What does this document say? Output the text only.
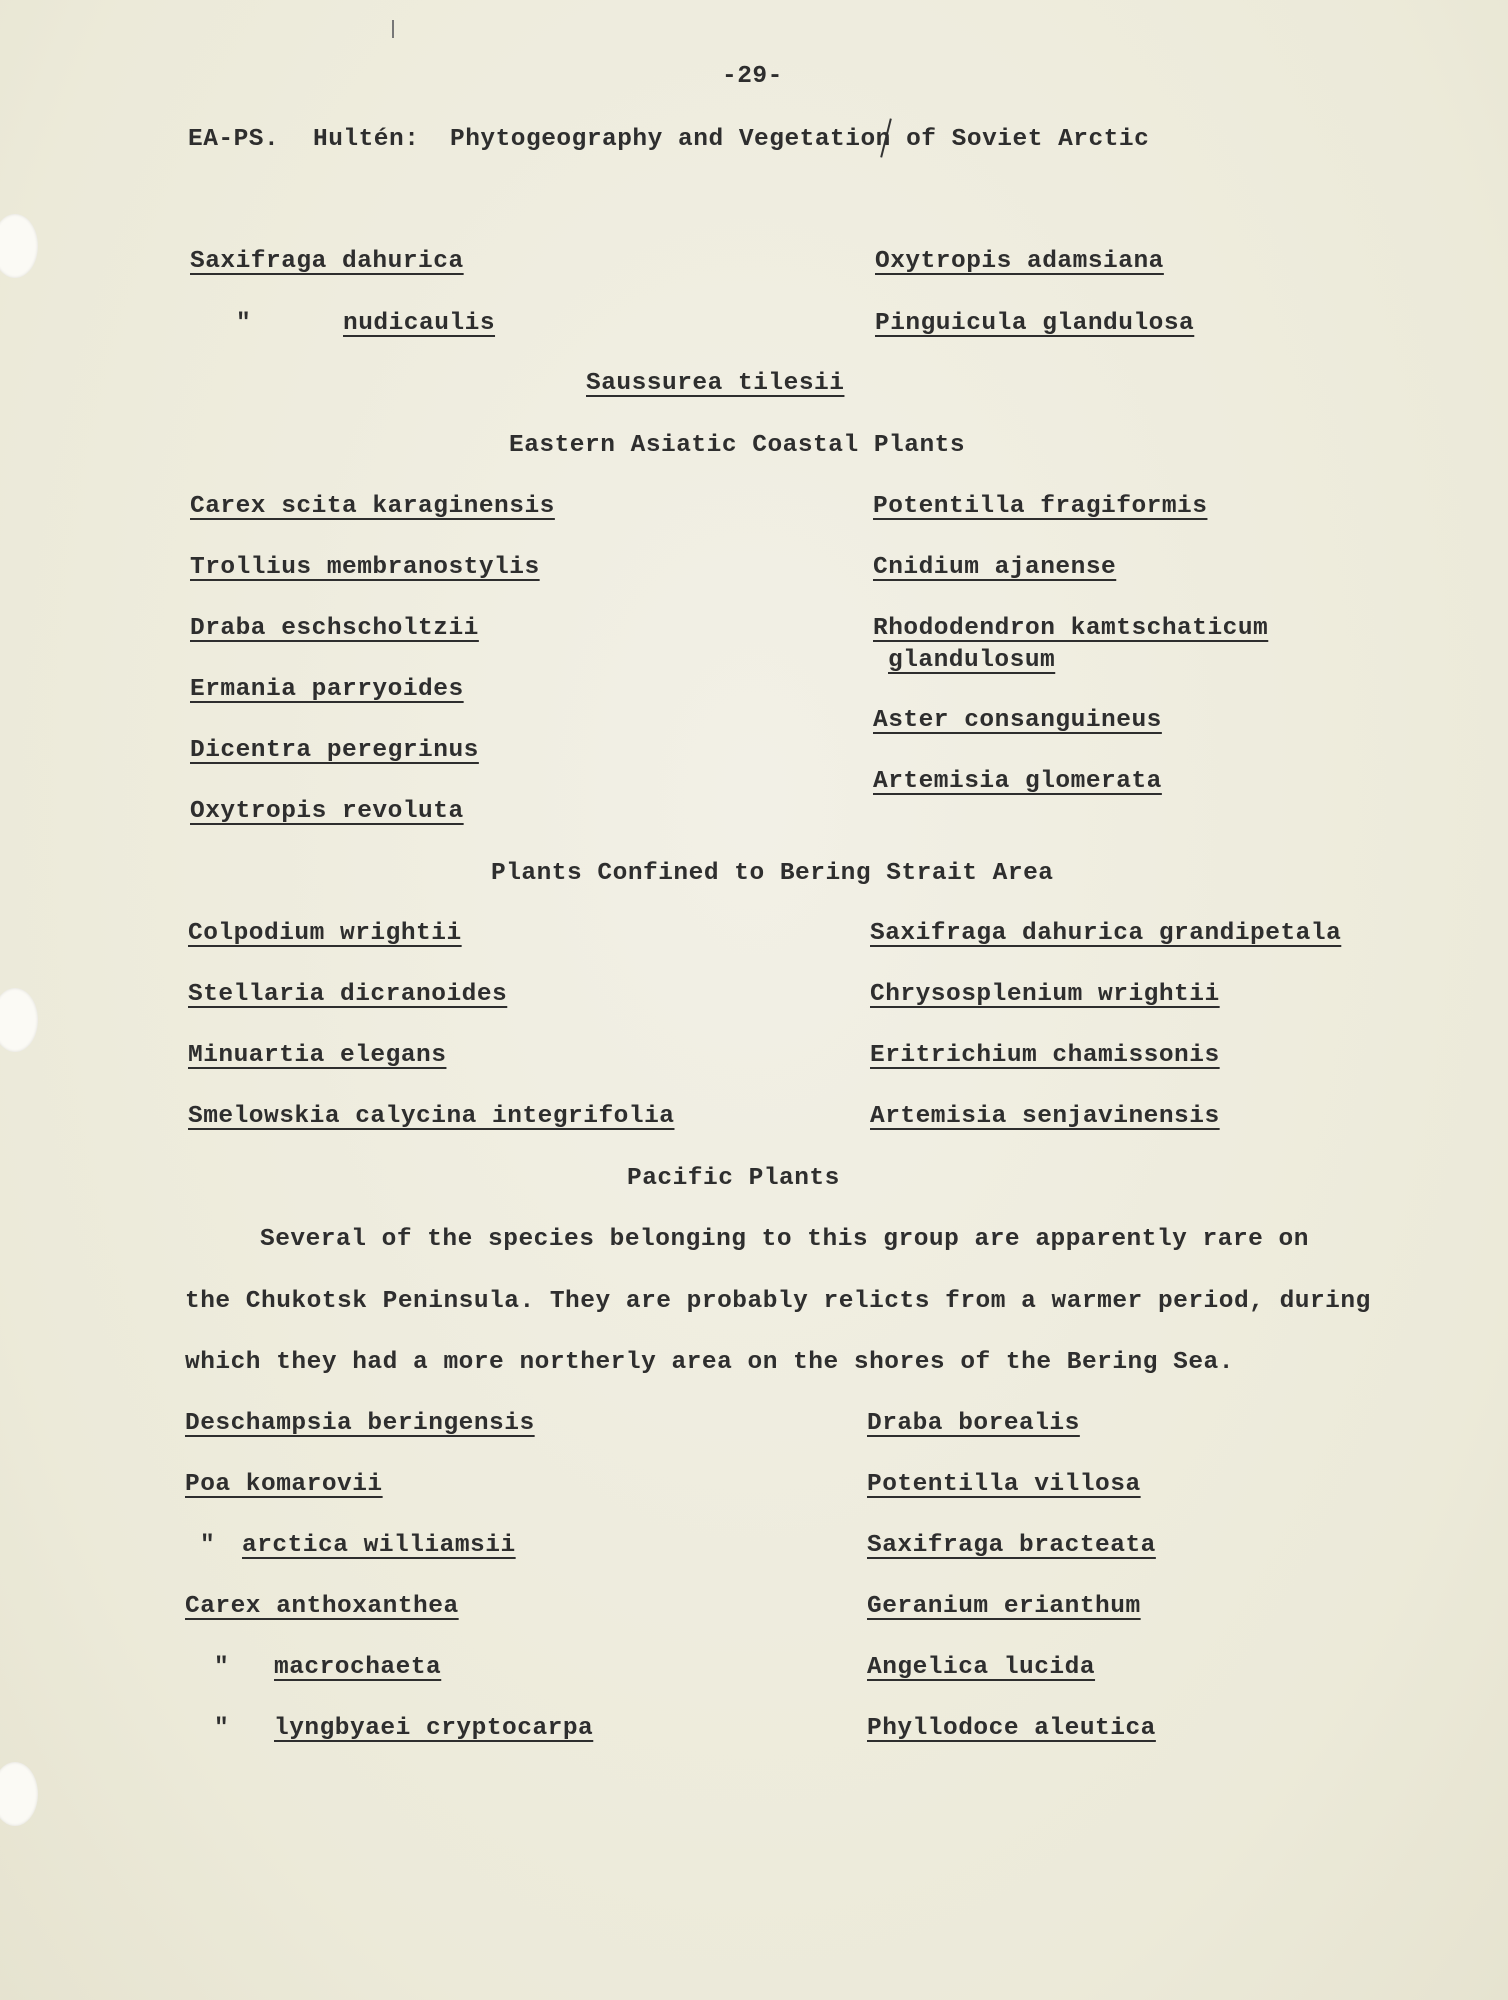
-29-
EA-PS. Hultén: Phytogeography and Vegetation of Soviet Arctic
Saxifraga dahurica
"	nudicaulis
Oxytropis adamsiana
Pinguicula glandulosa
Saussurea tilesii
Eastern Asiatic Coastal Plants
Carex scita karaginensis
Trollius membranostylis
Draba eschscholtzii
Ermania parryoides
Dicentra peregrinus
Oxytropis revoluta
Potentilla fragiformis
Cnidium ajanense
Rhododendron kamtschaticum
glandulosum
Aster consanguineus
Artemisia glomerata
Plants Confined to Bering Strait Area
Colpodium wrightii
Stellaria dicranoides
Minuartia elegans
Smelowskia calycina integrifolia
Saxifraga dahurica grandipetala
Chrysosplenium wrightii
Eritrichium chamissonis
Artemisia senjavinensis
Pacific Plants
Several of the species belonging to this group are apparently rare on
the Chukotsk Peninsula. They are probably relicts from a warmer period, during
which they had a more northerly area on the shores of the Bering Sea.
Deschampsia beringensis
Poa komarovii
" arctica williamsii
Carex anthoxanthea
" macrochaeta
" lyngbyaei cryptocarpa
Draba borealis
Potentilla villosa
Saxifraga bracteata
Geranium erianthum
Angelica lucida
Phyllodoce aleutica
